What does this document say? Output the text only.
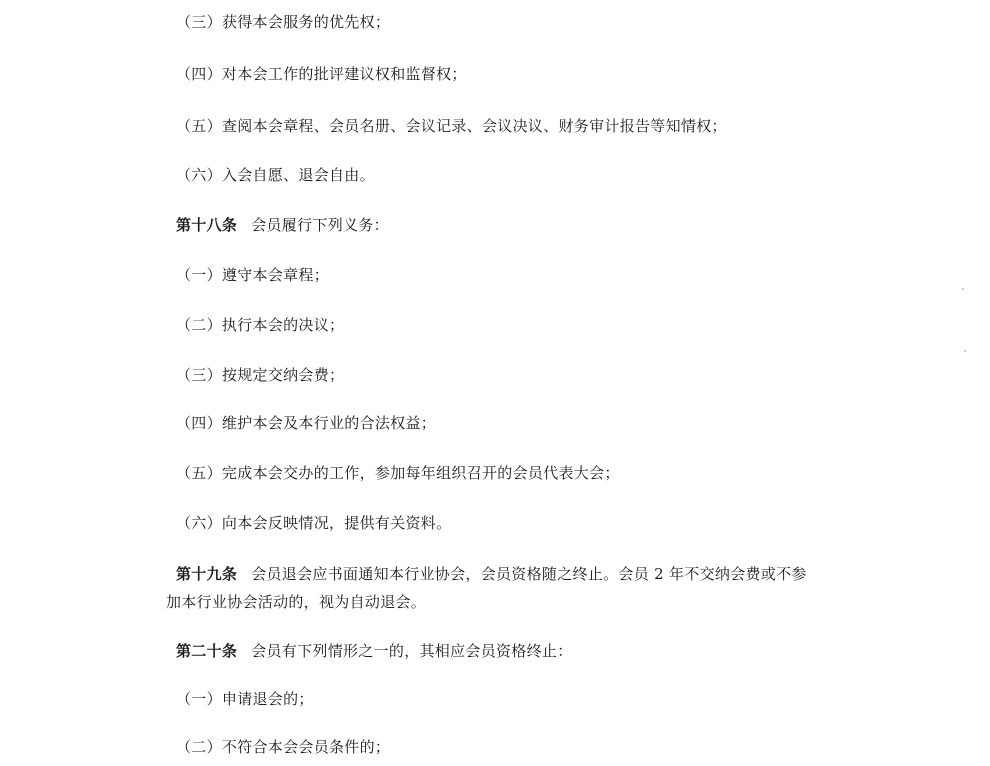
（三）获得本会服务的优先权；
（四）对本会工作的批评建议权和监督权；
（五）查阅本会章程、会员名册、会议记录、会议决议、财务审计报告等知情权；
（六）入会自愿、退会自由。
第十八条 会员履行下列义务：
（一）遵守本会章程；
（二）执行本会的决议；
（三）按规定交纳会费；
（四）维护本会及本行业的合法权益；
（五）完成本会交办的工作，参加每年组织召开的会员代表大会；
（六）向本会反映情况，提供有关资料。
第十九条 会员退会应书面通知本行业协会，会员资格随之终止。会员 2 年不交纳会费或不参
加本行业协会活动的，视为自动退会。
第二十条 会员有下列情形之一的，其相应会员资格终止：
（一）申请退会的；
（二）不符合本会会员条件的；
